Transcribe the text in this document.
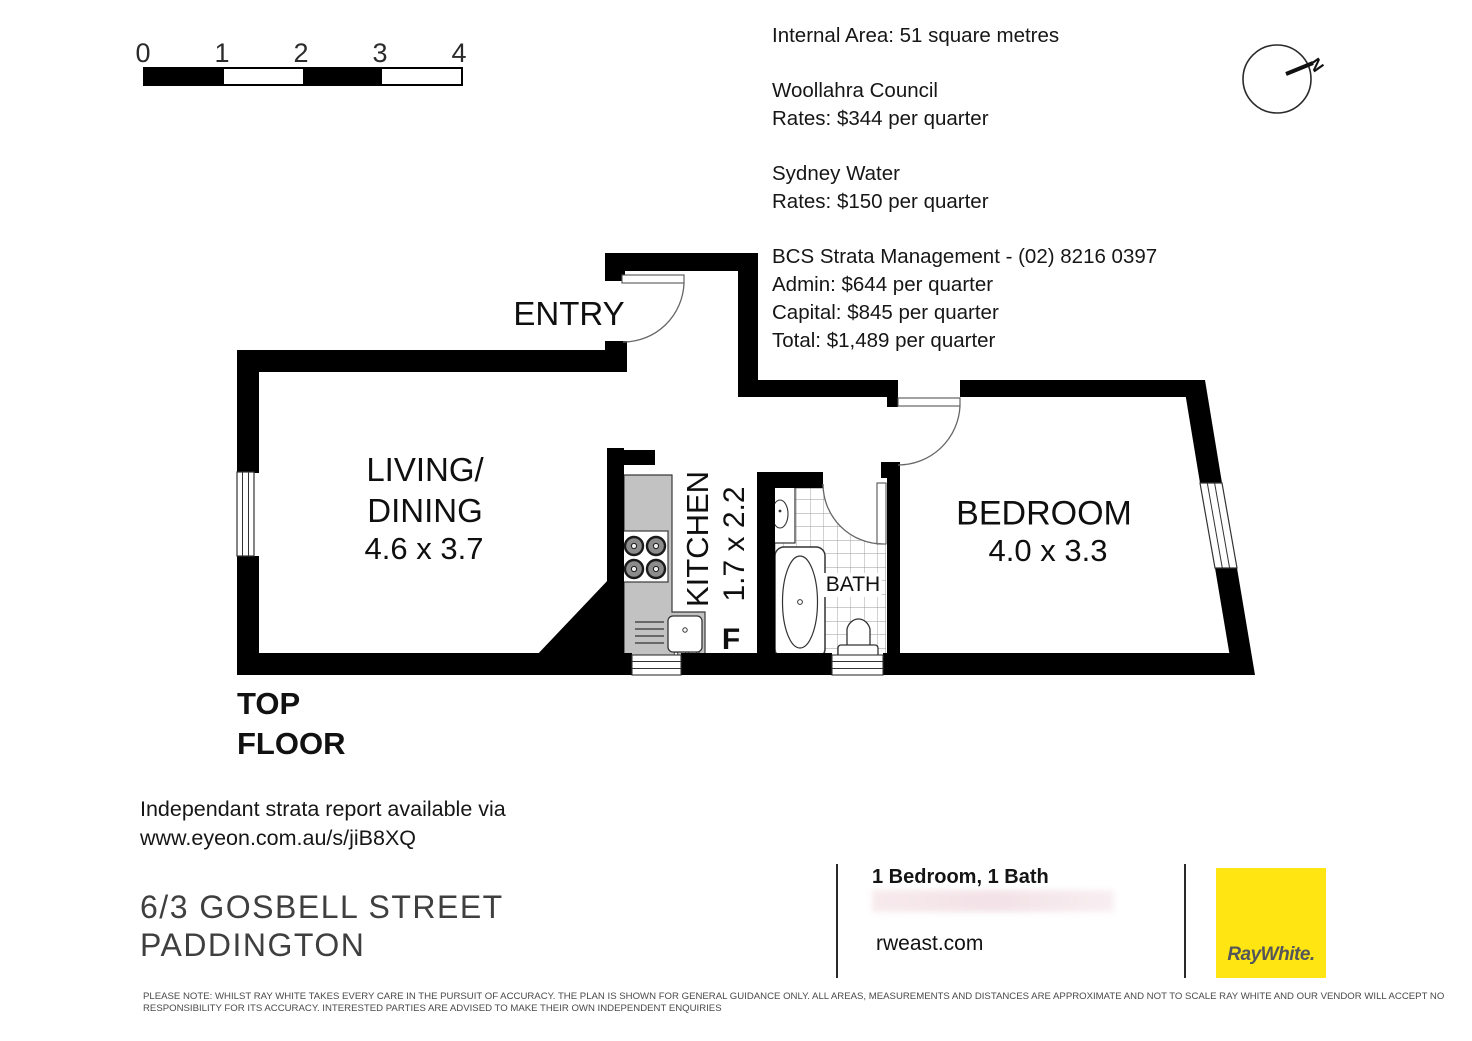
0 1 2 3 4

Internal Area: 51 square metres

Woollahra Council

Rates: $344 per quarter

Sydney Water

Rates: $150 per quarter

BCS Strata Management - (02) 8216 0397

Admin: $644 per quarter

Capital: $845 per quarter

Total: $1,489 per quarter

N
ENTRY
LIVING/
DINING
4.6 x 3.7	KITCHEN 1.7 x 2.2
F
BATH
BEDROOM
4.0 x 3.3
TOP
FLOOR
Independant strata report available via
www.eyeon.com.au/s/jiB8XQ
6/3 GOSBELL STREET
PADDINGTON
1 Bedroom, 1 Bath
rweast.com	RayWhite.
PLEASE NOTE: WHILST RAY WHITE TAKES EVERY CARE IN THE PURSUIT OF ACCURACY. THE PLAN IS SHOWN FOR GENERAL GUIDANCE ONLY. ALL AREAS, MEASUREMENTS AND DISTANCES ARE APPROXIMATE AND NOT TO SCALE RAY WHITE AND OUR VENDOR WILL ACCEPT NO
RESPONSIBILITY FOR ITS ACCURACY. INTERESTED PARTIES ARE ADVISED TO MAKE THEIR OWN INDEPENDENT ENQUIRIES
